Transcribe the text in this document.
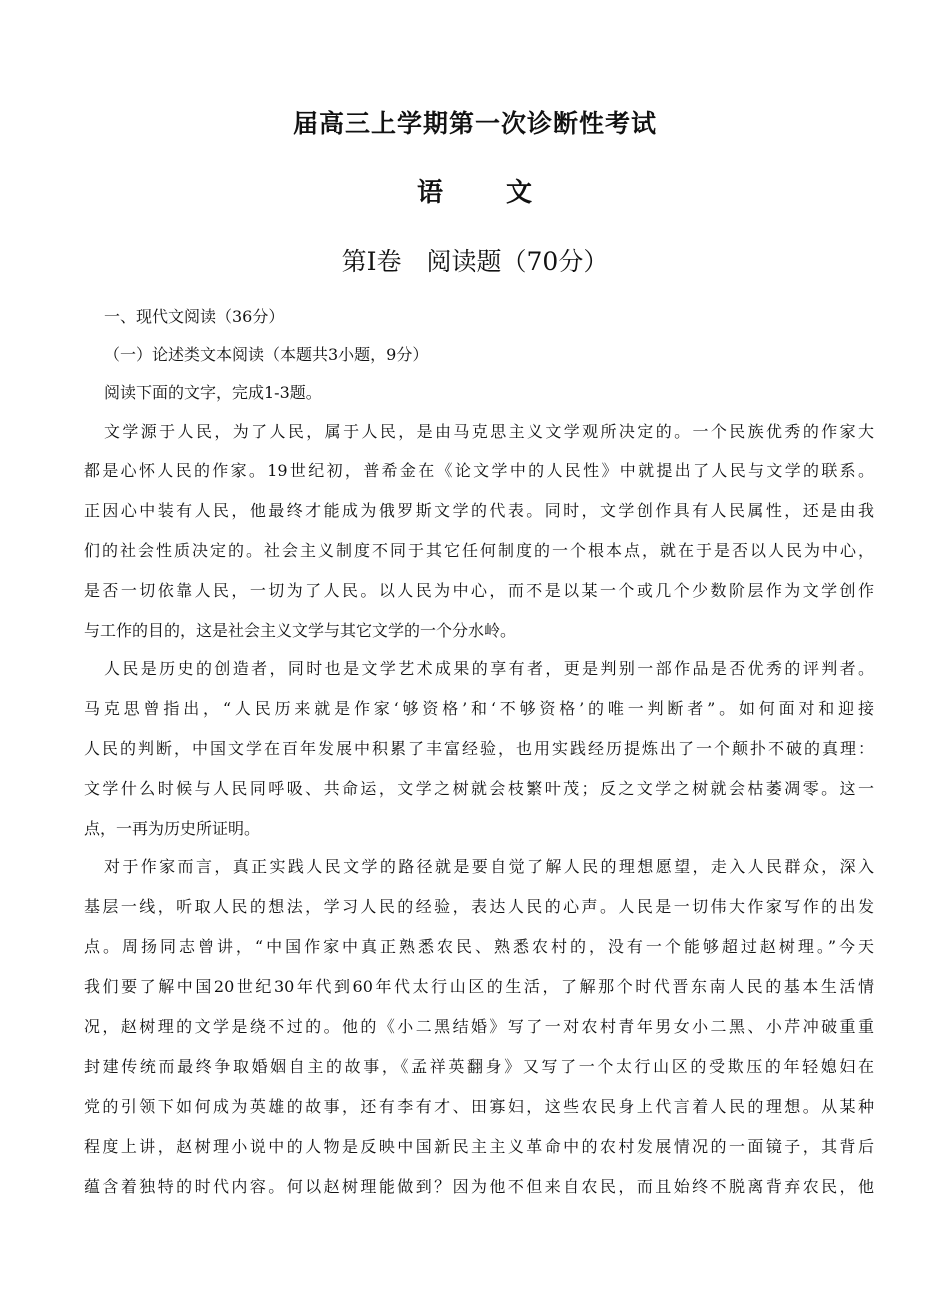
届高三上学期第一次诊断性考试
语 文
第Ⅰ卷　阅读题（70分）
一、现代文阅读（36分）
（一）论述类文本阅读（本题共3小题，9分）
阅读下面的文字，完成1-3题。
文学源于人民，为了人民，属于人民，是由马克思主义文学观所决定的。一个民族优秀的作家大
都是心怀人民的作家。19世纪初，普希金在《论文学中的人民性》中就提出了人民与文学的联系。
正因心中装有人民，他最终才能成为俄罗斯文学的代表。同时，文学创作具有人民属性，还是由我
们的社会性质决定的。社会主义制度不同于其它任何制度的一个根本点，就在于是否以人民为中心，
是否一切依靠人民，一切为了人民。以人民为中心，而不是以某一个或几个少数阶层作为文学创作
与工作的目的，这是社会主义文学与其它文学的一个分水岭。
人民是历史的创造者，同时也是文学艺术成果的享有者，更是判别一部作品是否优秀的评判者。
马克思曾指出，“人民历来就是作家‘够资格’和‘不够资格’的唯一判断者”。如何面对和迎接
人民的判断，中国文学在百年发展中积累了丰富经验，也用实践经历提炼出了一个颠扑不破的真理：
文学什么时候与人民同呼吸、共命运，文学之树就会枝繁叶茂；反之文学之树就会枯萎凋零。这一
点，一再为历史所证明。
对于作家而言，真正实践人民文学的路径就是要自觉了解人民的理想愿望，走入人民群众，深入
基层一线，听取人民的想法，学习人民的经验，表达人民的心声。人民是一切伟大作家写作的出发
点。周扬同志曾讲，“中国作家中真正熟悉农民、熟悉农村的，没有一个能够超过赵树理。”今天
我们要了解中国20世纪30年代到60年代太行山区的生活，了解那个时代晋东南人民的基本生活情
况，赵树理的文学是绕不过的。他的《小二黑结婚》写了一对农村青年男女小二黑、小芹冲破重重
封建传统而最终争取婚姻自主的故事，《孟祥英翻身》又写了一个太行山区的受欺压的年轻媳妇在
党的引领下如何成为英雄的故事，还有李有才、田寡妇，这些农民身上代言着人民的理想。从某种
程度上讲，赵树理小说中的人物是反映中国新民主主义革命中的农村发展情况的一面镜子，其背后
蕴含着独特的时代内容。何以赵树理能做到？因为他不但来自农民，而且始终不脱离背弃农民，他
